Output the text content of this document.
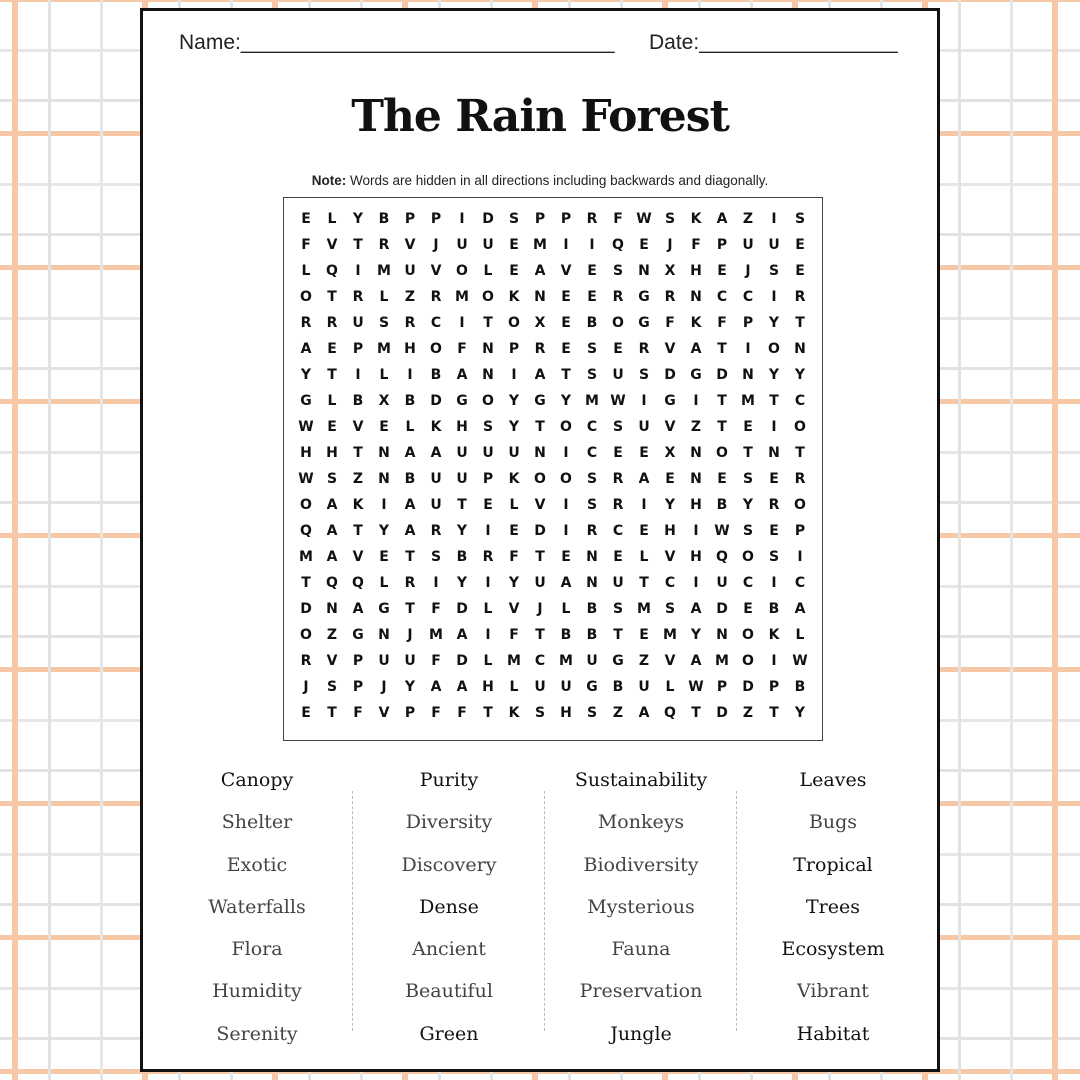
Name:________________________________ Date:_________________
The Rain Forest
Note: Words are hidden in all directions including backwards and diagonally.
E	L	Y	B	P	P	I	D	S	P	P	R	F W S	K	A	Z	I	S
F	V	T	R	V	J	U	U	E	M	I	I	Q	E	J	F	P	U	U	E
L	Q	I	M U	V	O	L	E	A	V	E	S	N	X	H	E	J	S	E
O	T	R	L	Z	R M O	K	N	E	E	R	G	R	N	C	C	I	R
R	R	U	S	R	C	I	T	O	X	E	B	O	G	F	K	F	P	Y	T
A	E	P M H	O	F	N	P	R	E	S	E	R	V	A	T	I	O	N
Y	T	I	L	I	B	A	N	I	A	T	S	U	S	D	G	D	N	Y	Y
G	L	B	X	B	D	G	O	Y	G	Y M W	I	G	I	T	M	T	C
W E	V	E	L	K	H	S	Y	T	O	C	S	U	V	Z	T	E	I	O
H	H	T	N	A	A	U	U	U	N	I	C	E	E	X	N	O	T	N	T
W S	Z	N	B	U	U	P	K	O	O	S	R	A	E	N	E	S	E	R
O	A	K	I	A	U	T	E	L	V	I	S	R	I	Y	H	B	Y	R	O
Q	A	T	Y	A	R	Y	I	E	D	I	R	C	E	H	I	W S	E	P
M A	V	E	T	S	B	R	F	T	E	N	E	L	V	H	Q	O	S	I
T	Q	Q	L	R	I	Y	I	Y	U	A	N	U	T	C	I	U	C	I	C
D	N	A	G	T	F	D	L	V	J	L	B	S M S	A	D	E	B	A
O	Z	G	N	J	M A	I	F	T	B	B	T	E	M Y	N	O	K	L
R	V	P	U	U	F	D	L	M C M U	G	Z	V	A M O	I	W
J	S	P	J	Y	A	A	H	L	U	U	G	B	U	L W P	D	P	B
E	T	F	V	P	F	F	T	K	S	H	S	Z	A	Q	T	D	Z	T	Y
Canopy
Shelter
Exotic
Waterfalls
Flora
Humidity
Serenity
Purity
Diversity
Discovery
Dense
Ancient
Beautiful
Green
Sustainability
Monkeys
Biodiversity
Mysterious
Fauna
Preservation
Jungle
Leaves
Bugs
Tropical
Trees
Ecosystem
Vibrant
Habitat
